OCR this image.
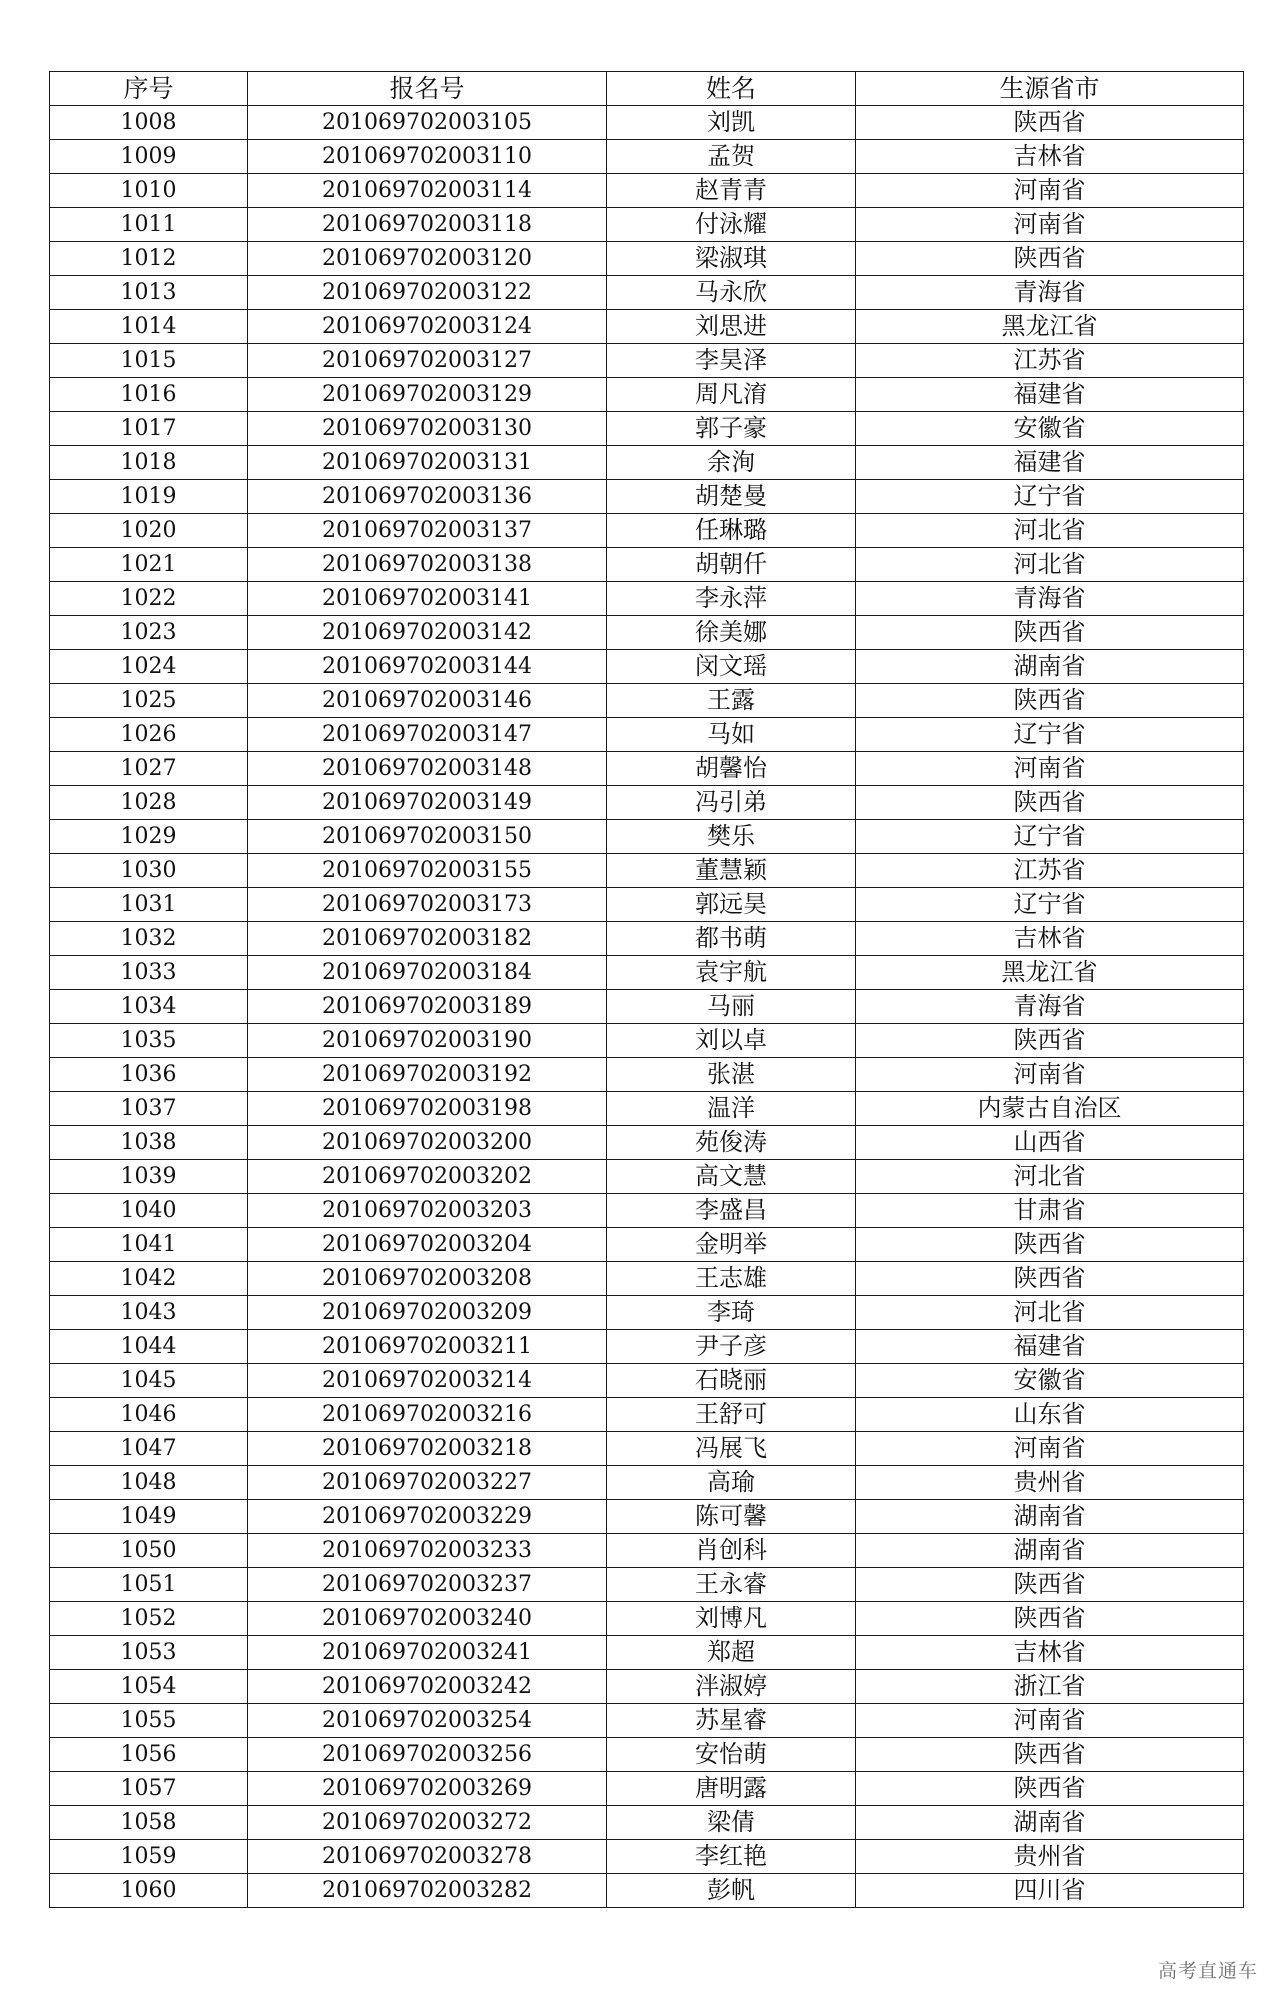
序号	报名号	姓名	生源省市
1008	201069702003105	刘凯	陕西省
1009	201069702003110	孟贺	吉林省
1010	201069702003114	赵青青	河南省
1011	201069702003118	付泳耀	河南省
1012	201069702003120	梁淑琪	陕西省
1013	201069702003122	马永欣	青海省
1014	201069702003124	刘思进	黑龙江省
1015	201069702003127	李昊泽	江苏省
1016	201069702003129	周凡淯	福建省
1017	201069702003130	郭子豪	安徽省
1018	201069702003131	余洵	福建省
1019	201069702003136	胡楚曼	辽宁省
1020	201069702003137	任琳璐	河北省
1021	201069702003138	胡朝仟	河北省
1022	201069702003141	李永萍	青海省
1023	201069702003142	徐美娜	陕西省
1024	201069702003144	闵文瑶	湖南省
1025	201069702003146	王露	陕西省
1026	201069702003147	马如	辽宁省
1027	201069702003148	胡馨怡	河南省
1028	201069702003149	冯引弟	陕西省
1029	201069702003150	樊乐	辽宁省
1030	201069702003155	董慧颖	江苏省
1031	201069702003173	郭远昊	辽宁省
1032	201069702003182	都书萌	吉林省
1033	201069702003184	袁宇航	黑龙江省
1034	201069702003189	马丽	青海省
1035	201069702003190	刘以卓	陕西省
1036	201069702003192	张湛	河南省
1037	201069702003198	温洋	内蒙古自治区
1038	201069702003200	苑俊涛	山西省
1039	201069702003202	高文慧	河北省
1040	201069702003203	李盛昌	甘肃省
1041	201069702003204	金明举	陕西省
1042	201069702003208	王志雄	陕西省
1043	201069702003209	李琦	河北省
1044	201069702003211	尹子彦	福建省
1045	201069702003214	石晓丽	安徽省
1046	201069702003216	王舒可	山东省
1047	201069702003218	冯展飞	河南省
1048	201069702003227	高瑜	贵州省
1049	201069702003229	陈可馨	湖南省
1050	201069702003233	肖创科	湖南省
1051	201069702003237	王永睿	陕西省
1052	201069702003240	刘博凡	陕西省
1053	201069702003241	郑超	吉林省
1054	201069702003242	泮淑婷	浙江省
1055	201069702003254	苏星睿	河南省
1056	201069702003256	安怡萌	陕西省
1057	201069702003269	唐明露	陕西省
1058	201069702003272	梁倩	湖南省
1059	201069702003278	李红艳	贵州省
1060	201069702003282	彭帆	四川省
高考直通车
